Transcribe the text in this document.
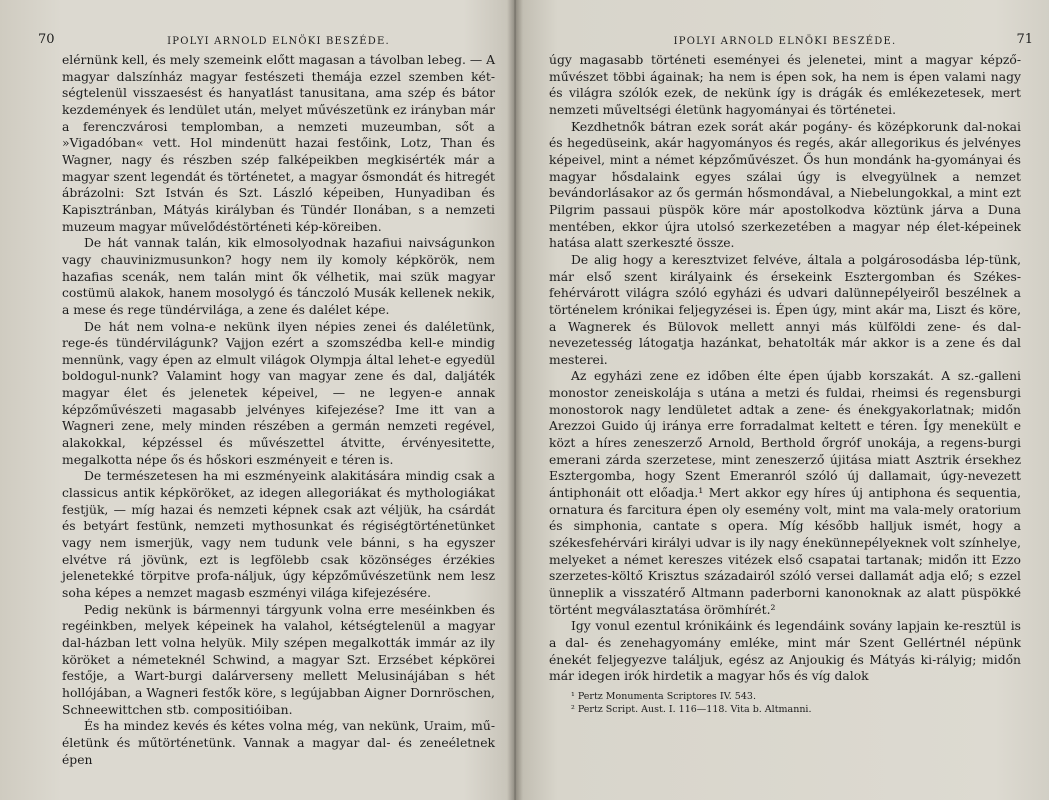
70	IPOLYI ARNOLD ELNÖKI BESZÉDE.

elérnünk kell, és mely szemeink előtt magasan a távolban lebeg. — A magyar dalszínház magyar festészeti themája ezzel szemben két-ségtelenül visszaesést és hanyatlást tanusitana, ama szép és bátor kezdemények és lendület után, melyet művészetünk ez irányban már a ferenczvárosi templomban, a nemzeti muzeumban, sőt a »Vigadóban« vett. Hol mindenütt hazai festőink, Lotz, Than és Wagner, nagy és részben szép falképeikben megkisérték már a magyar szent legendát és történetet, a magyar ősmondát és hitregét ábrázolni: Szt István és Szt. László képeiben, Hunyadiban és Kapisztránban, Mátyás királyban és Tündér Ilonában, s a nemzeti muzeum magyar művelődéstörténeti kép-köreiben.

De hát vannak talán, kik elmosolyodnak hazafiui naivságunkon vagy chauvinizmusunkon? hogy nem ily komoly képkörök, nem hazafias scenák, nem talán mint ők vélhetik, mai szük magyar costümü alakok, hanem mosolygó és tánczoló Musák kellenek nekik, a mese és rege tündérvilága, a zene és dalélet képe.

De hát nem volna-e nekünk ilyen népies zenei és daléletünk, rege-és tündérvilágunk? Vajjon ezért a szomszédba kell-e mindig mennünk, vagy épen az elmult világok Olympja által lehet-e egyedül boldogul-nunk? Valamint hogy van magyar zene és dal, daljáték magyar élet és jelenetek képeivel, — ne legyen-e annak képzőművészeti magasabb jelvényes kifejezése? Ime itt van a Wagneri zene, mely minden részében a germán nemzeti regével, alakokkal, képzéssel és művészettel átvitte, érvényesitette, megalkotta népe ős és hőskori eszményeit e téren is.

De természetesen ha mi eszményeink alakitására mindig csak a classicus antik képköröket, az idegen allegoriákat és mythologiákat festjük, — míg hazai és nemzeti képnek csak azt véljük, ha csárdát és betyárt festünk, nemzeti mythosunkat és régiségtörténetünket vagy nem ismerjük, vagy nem tudunk vele bánni, s ha egyszer elvétve rá jövünk, ezt is legfölebb csak közönséges érzékies jelenetekké törpitve profa-náljuk, úgy képzőművészetünk nem lesz soha képes a nemzet magasb eszményi világa kifejezésére.

Pedig nekünk is bármennyi tárgyunk volna erre meséinkben és regéinkben, melyek képeinek ha valahol, kétségtelenül a magyar dal-házban lett volna helyük. Mily szépen megalkották immár az ily köröket a németeknél Schwind, a magyar Szt. Erzsébet képkörei festője, a Wart-burgi dalárverseny mellett Melusinájában s hét hollójában, a Wagneri festők köre, s legújabban Aigner Dornröschen, Schneewittchen stb. compositióiban.

És ha mindez kevés és kétes volna még, van nekünk, Uraim, mű-életünk és műtörténetünk. Vannak a magyar dal- és zeneéletnek épen

IPOLYI ARNOLD ELNÖKI BESZÉDE.	71

úgy magasabb történeti eseményei és jelenetei, mint a magyar képző-művészet többi ágainak; ha nem is épen sok, ha nem is épen valami nagy és világra szólók ezek, de nekünk így is drágák és emlékezetesek, mert nemzeti műveltségi életünk hagyományai és történetei.

Kezdhetnők bátran ezek sorát akár pogány- és középkorunk dal-nokai és hegedüseink, akár hagyományos és regés, akár allegorikus és jelvényes képeivel, mint a német képzőművészet. Ős hun mondánk ha-gyományai és magyar hősdalaink egyes szálai úgy is elvegyülnek a nemzet bevándorlásakor az ős germán hősmondával, a Niebelungokkal, a mint ezt Pilgrim passaui püspök köre már apostolkodva köztünk járva a Duna mentében, ekkor újra utolsó szerkezetében a magyar nép élet-képeinek hatása alatt szerkeszté össze.

De alig hogy a keresztvizet felvéve, általa a polgárosodásba lép-tünk, már első szent királyaink és érsekeink Esztergomban és Székes-fehérvárott világra szóló egyházi és udvari dalünnepélyeiről beszélnek a történelem krónikai feljegyzései is. Épen úgy, mint akár ma, Liszt és köre, a Wagnerek és Bülovok mellett annyi más külföldi zene- és dal-nevezetesség látogatja hazánkat, behatolták már akkor is a zene és dal mesterei.

Az egyházi zene ez időben élte épen újabb korszakát. A sz.-galleni monostor zeneiskolája s utána a metzi és fuldai, rheimsi és regensburgi monostorok nagy lendületet adtak a zene- és énekgyakorlatnak; midőn Arezzoi Guido új iránya erre forradalmat keltett e téren. Így menekült e közt a híres zeneszerző Arnold, Berthold őrgróf unokája, a regens-burgi emerani zárda szerzetese, mint zeneszerző újitása miatt Asztrik érsekhez Esztergomba, hogy Szent Emeranról szóló új dallamait, úgy-nevezett ántiphonáit ott előadja.¹ Mert akkor egy híres új antiphona és sequentia, ornatura és farcitura épen oly esemény volt, mint ma vala-mely oratorium és simphonia, cantate s opera. Míg később halljuk ismét, hogy a székesfehérvári királyi udvar is ily nagy énekünnepélyeknek volt színhelye, melyeket a német kereszes vitézek első csapatai tartanak; midőn itt Ezzo szerzetes-költő Krisztus századairól szóló versei dallamát adja elő; s ezzel ünneplik a visszatérő Altmann paderborni kanonoknak az alatt püspökké történt megválasztatása örömhírét.²

Igy vonul ezentul krónikáink és legendáink sovány lapjain ke-resztül is a dal- és zenehagyomány emléke, mint már Szent Gellértnél népünk énekét feljegyezve találjuk, egész az Anjoukig és Mátyás ki-rályig; midőn már idegen irók hirdetik a magyar hős és víg dalok

¹ Pertz Monumenta Scriptores IV. 543.
² Pertz Script. Aust. I. 116—118. Vita b. Altmanni.
